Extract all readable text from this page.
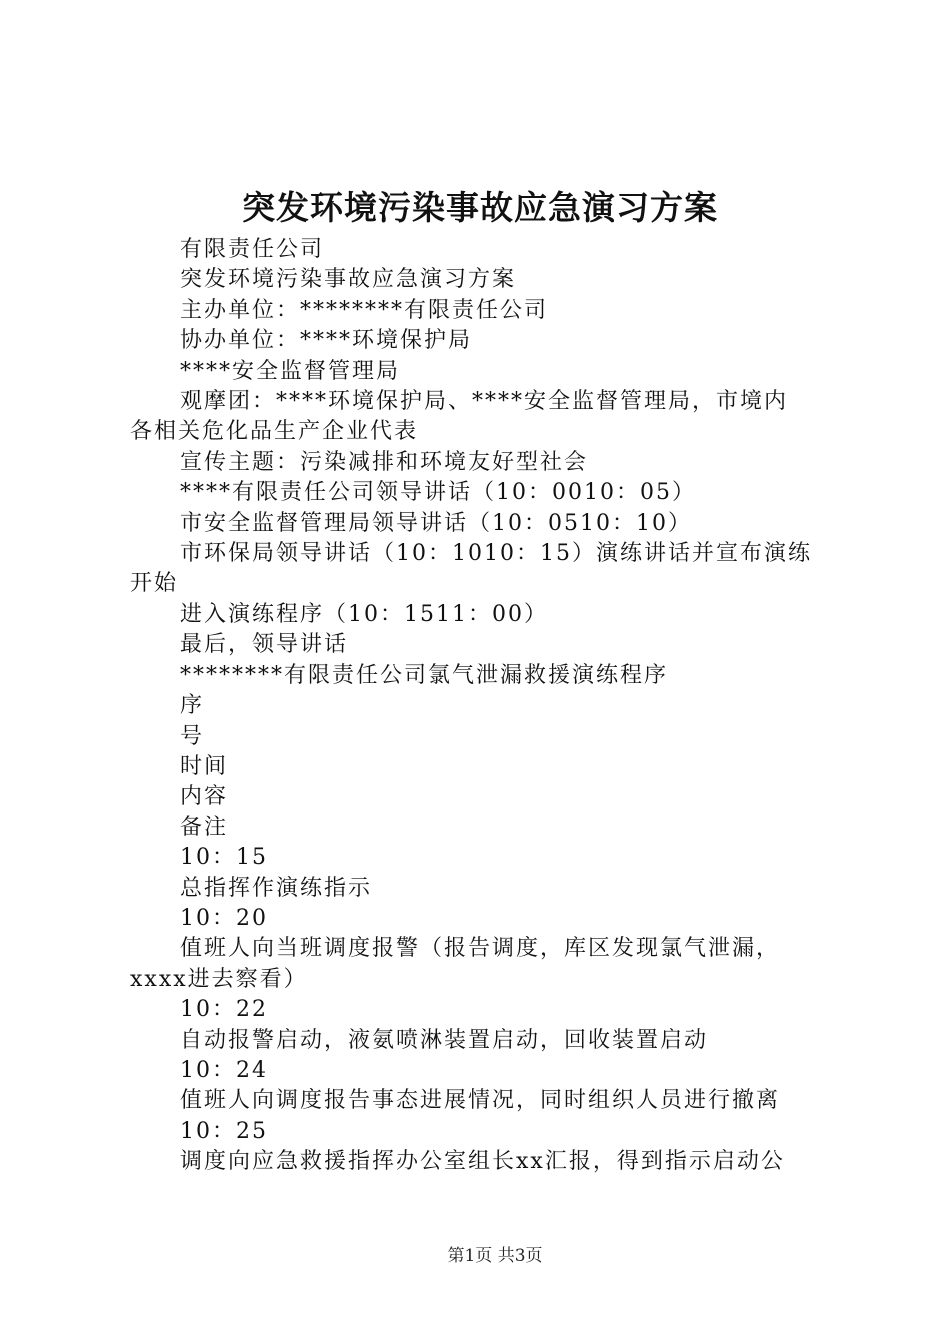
突发环境污染事故应急演习方案

有限责任公司

突发环境污染事故应急演习方案

主办单位：********有限责任公司

协办单位：****环境保护局

****安全监督管理局

观摩团：****环境保护局、****安全监督管理局，市境内

各相关危化品生产企业代表

宣传主题：污染减排和环境友好型社会

****有限责任公司领导讲话（10：0010：05）

市安全监督管理局领导讲话（10：0510：10）

市环保局领导讲话（10：1010：15）演练讲话并宣布演练

开始

进入演练程序（10：1511：00）

最后，领导讲话

********有限责任公司氯气泄漏救援演练程序

序

号

时间

内容

备注

10：15

总指挥作演练指示

10：20

值班人向当班调度报警（报告调度，库区发现氯气泄漏，

xxxx进去察看）

10：22

自动报警启动，液氨喷淋装置启动，回收装置启动

10：24

值班人向调度报告事态进展情况，同时组织人员进行撤离

10：25

调度向应急救援指挥办公室组长xx汇报，得到指示启动公

第1页 共3页
